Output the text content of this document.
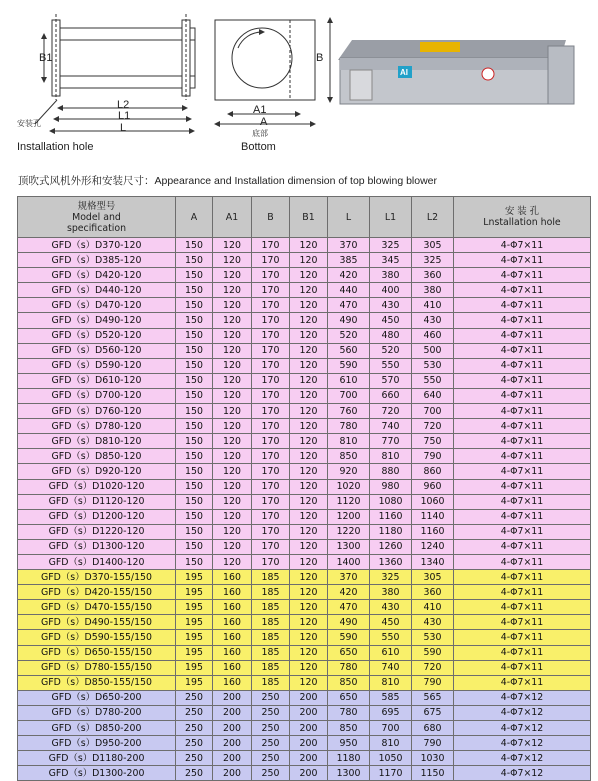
B1
L2
L1
L
B
A1
A
安装孔
底部
Installation hole	Bottom
AI
顶吹式风机外形和安装尺寸：Appearance and Installation dimension of top blowing blower
规格型号
Model and
specification	A	A1	B	B1	L	L1	L2	安 装 孔
Lnstallation hole

GFD（s）D370-120	150	120	170	120	370	325	305	4-Φ7×11
GFD（s）D385-120	150	120	170	120	385	345	325	4-Φ7×11
GFD（s）D420-120	150	120	170	120	420	380	360	4-Φ7×11
GFD（s）D440-120	150	120	170	120	440	400	380	4-Φ7×11
GFD（s）D470-120	150	120	170	120	470	430	410	4-Φ7×11
GFD（s）D490-120	150	120	170	120	490	450	430	4-Φ7×11
GFD（s）D520-120	150	120	170	120	520	480	460	4-Φ7×11
GFD（s）D560-120	150	120	170	120	560	520	500	4-Φ7×11
GFD（s）D590-120	150	120	170	120	590	550	530	4-Φ7×11
GFD（s）D610-120	150	120	170	120	610	570	550	4-Φ7×11
GFD（s）D700-120	150	120	170	120	700	660	640	4-Φ7×11
GFD（s）D760-120	150	120	170	120	760	720	700	4-Φ7×11
GFD（s）D780-120	150	120	170	120	780	740	720	4-Φ7×11
GFD（s）D810-120	150	120	170	120	810	770	750	4-Φ7×11
GFD（s）D850-120	150	120	170	120	850	810	790	4-Φ7×11
GFD（s）D920-120	150	120	170	120	920	880	860	4-Φ7×11
GFD（s）D1020-120	150	120	170	120	1020	980	960	4-Φ7×11
GFD（s）D1120-120	150	120	170	120	1120	1080	1060	4-Φ7×11
GFD（s）D1200-120	150	120	170	120	1200	1160	1140	4-Φ7×11
GFD（s）D1220-120	150	120	170	120	1220	1180	1160	4-Φ7×11
GFD（s）D1300-120	150	120	170	120	1300	1260	1240	4-Φ7×11
GFD（s）D1400-120	150	120	170	120	1400	1360	1340	4-Φ7×11
GFD（s）D370-155/150	195	160	185	120	370	325	305	4-Φ7×11
GFD（s）D420-155/150	195	160	185	120	420	380	360	4-Φ7×11
GFD（s）D470-155/150	195	160	185	120	470	430	410	4-Φ7×11
GFD（s）D490-155/150	195	160	185	120	490	450	430	4-Φ7×11
GFD（s）D590-155/150	195	160	185	120	590	550	530	4-Φ7×11
GFD（s）D650-155/150	195	160	185	120	650	610	590	4-Φ7×11
GFD（s）D780-155/150	195	160	185	120	780	740	720	4-Φ7×11
GFD（s）D850-155/150	195	160	185	120	850	810	790	4-Φ7×11
GFD（s）D650-200	250	200	250	200	650	585	565	4-Φ7×12
GFD（s）D780-200	250	200	250	200	780	695	675	4-Φ7×12
GFD（s）D850-200	250	200	250	200	850	700	680	4-Φ7×12
GFD（s）D950-200	250	200	250	200	950	810	790	4-Φ7×12
GFD（s）D1180-200	250	200	250	200	1180	1050	1030	4-Φ7×12
GFD（s）D1300-200	250	200	250	200	1300	1170	1150	4-Φ7×12
